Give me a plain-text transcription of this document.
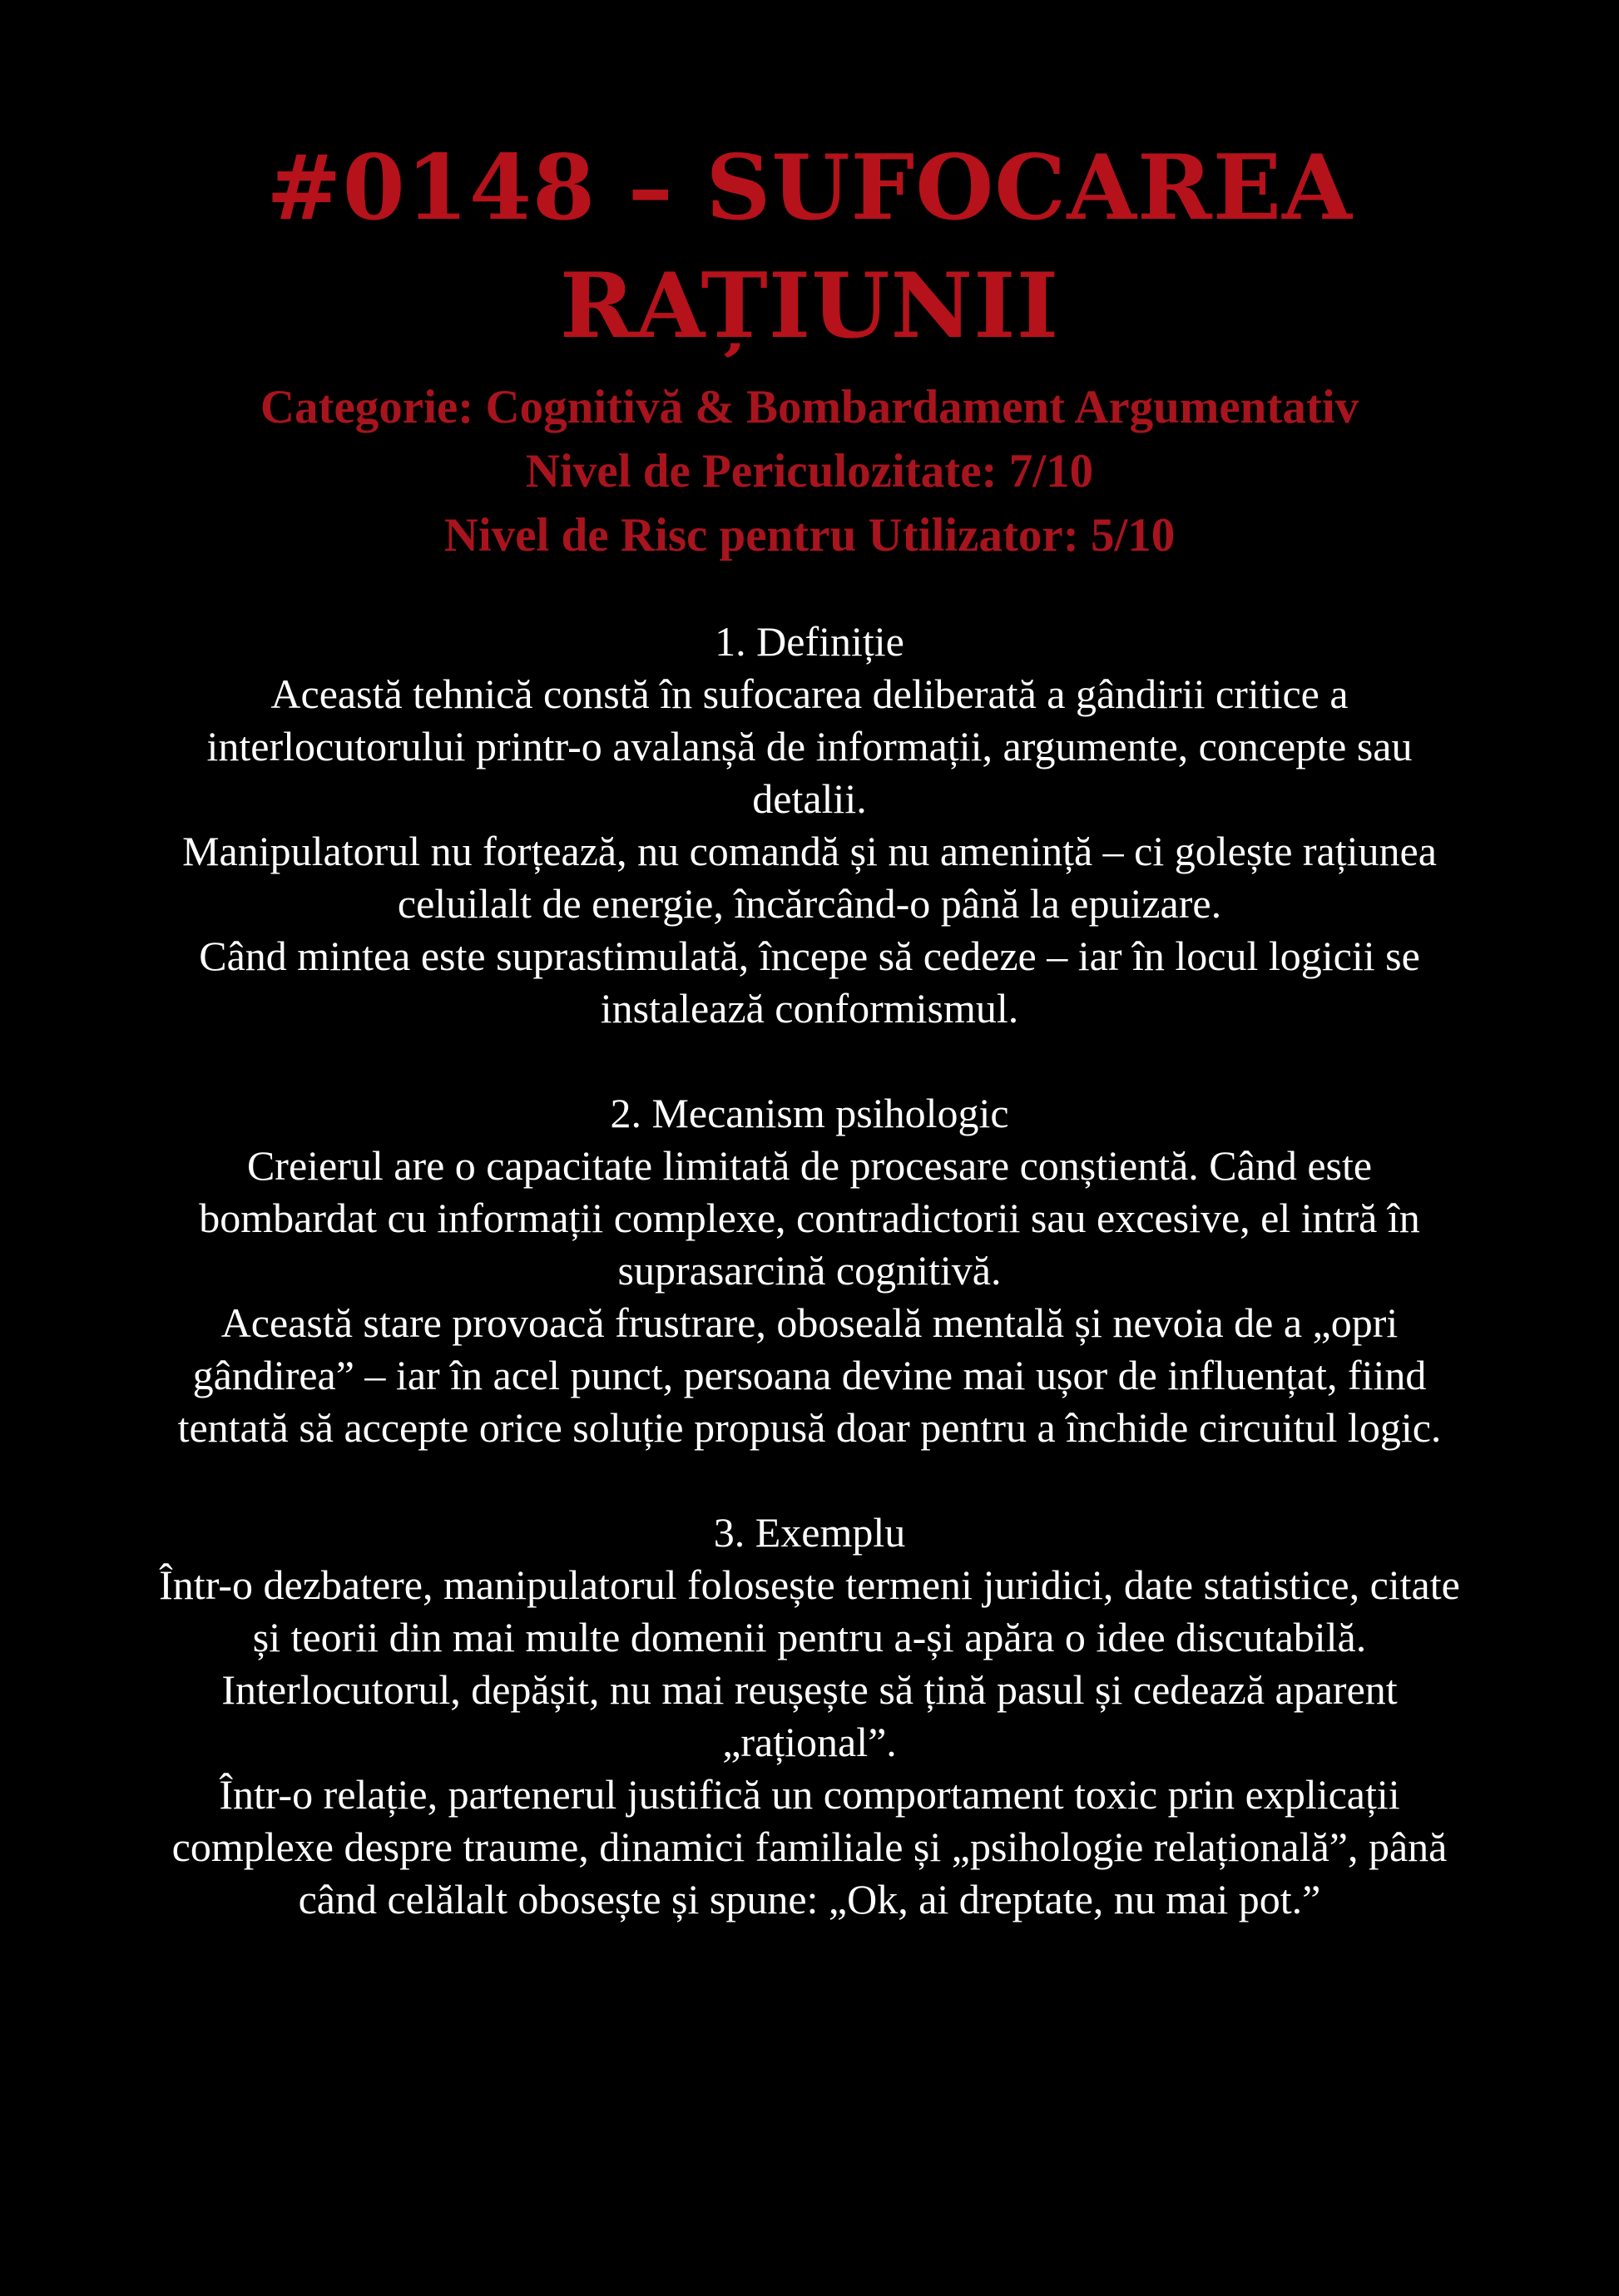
#0148 – SUFOCAREA RAȚIUNII
Categorie: Cognitivă & Bombardament Argumentativ
Nivel de Periculozitate: 7/10
Nivel de Risc pentru Utilizator: 5/10
1. Definiție
Această tehnică constă în sufocarea deliberată a gândirii critice a interlocutorului printr-o avalanșă de informații, argumente, concepte sau detalii.
Manipulatorul nu forțează, nu comandă și nu amenință – ci golește rațiunea celuilalt de energie, încărcând-o până la epuizare.
Când mintea este suprastimulată, începe să cedeze – iar în locul logicii se instalează conformismul.
2. Mecanism psihologic
Creierul are o capacitate limitată de procesare conștientă. Când este bombardat cu informații complexe, contradictorii sau excesive, el intră în suprasarcină cognitivă.
Această stare provoacă frustrare, oboseală mentală și nevoia de a „opri gândirea” – iar în acel punct, persoana devine mai ușor de influențat, fiind tentată să accepte orice soluție propusă doar pentru a închide circuitul logic.
3. Exemplu
Într-o dezbatere, manipulatorul folosește termeni juridici, date statistice, citate și teorii din mai multe domenii pentru a-și apăra o idee discutabilă. Interlocutorul, depășit, nu mai reușește să țină pasul și cedează aparent „rațional”.
Într-o relație, partenerul justifică un comportament toxic prin explicații complexe despre traume, dinamici familiale și „psihologie relațională”, până când celălalt obosește și spune: „Ok, ai dreptate, nu mai pot.”
